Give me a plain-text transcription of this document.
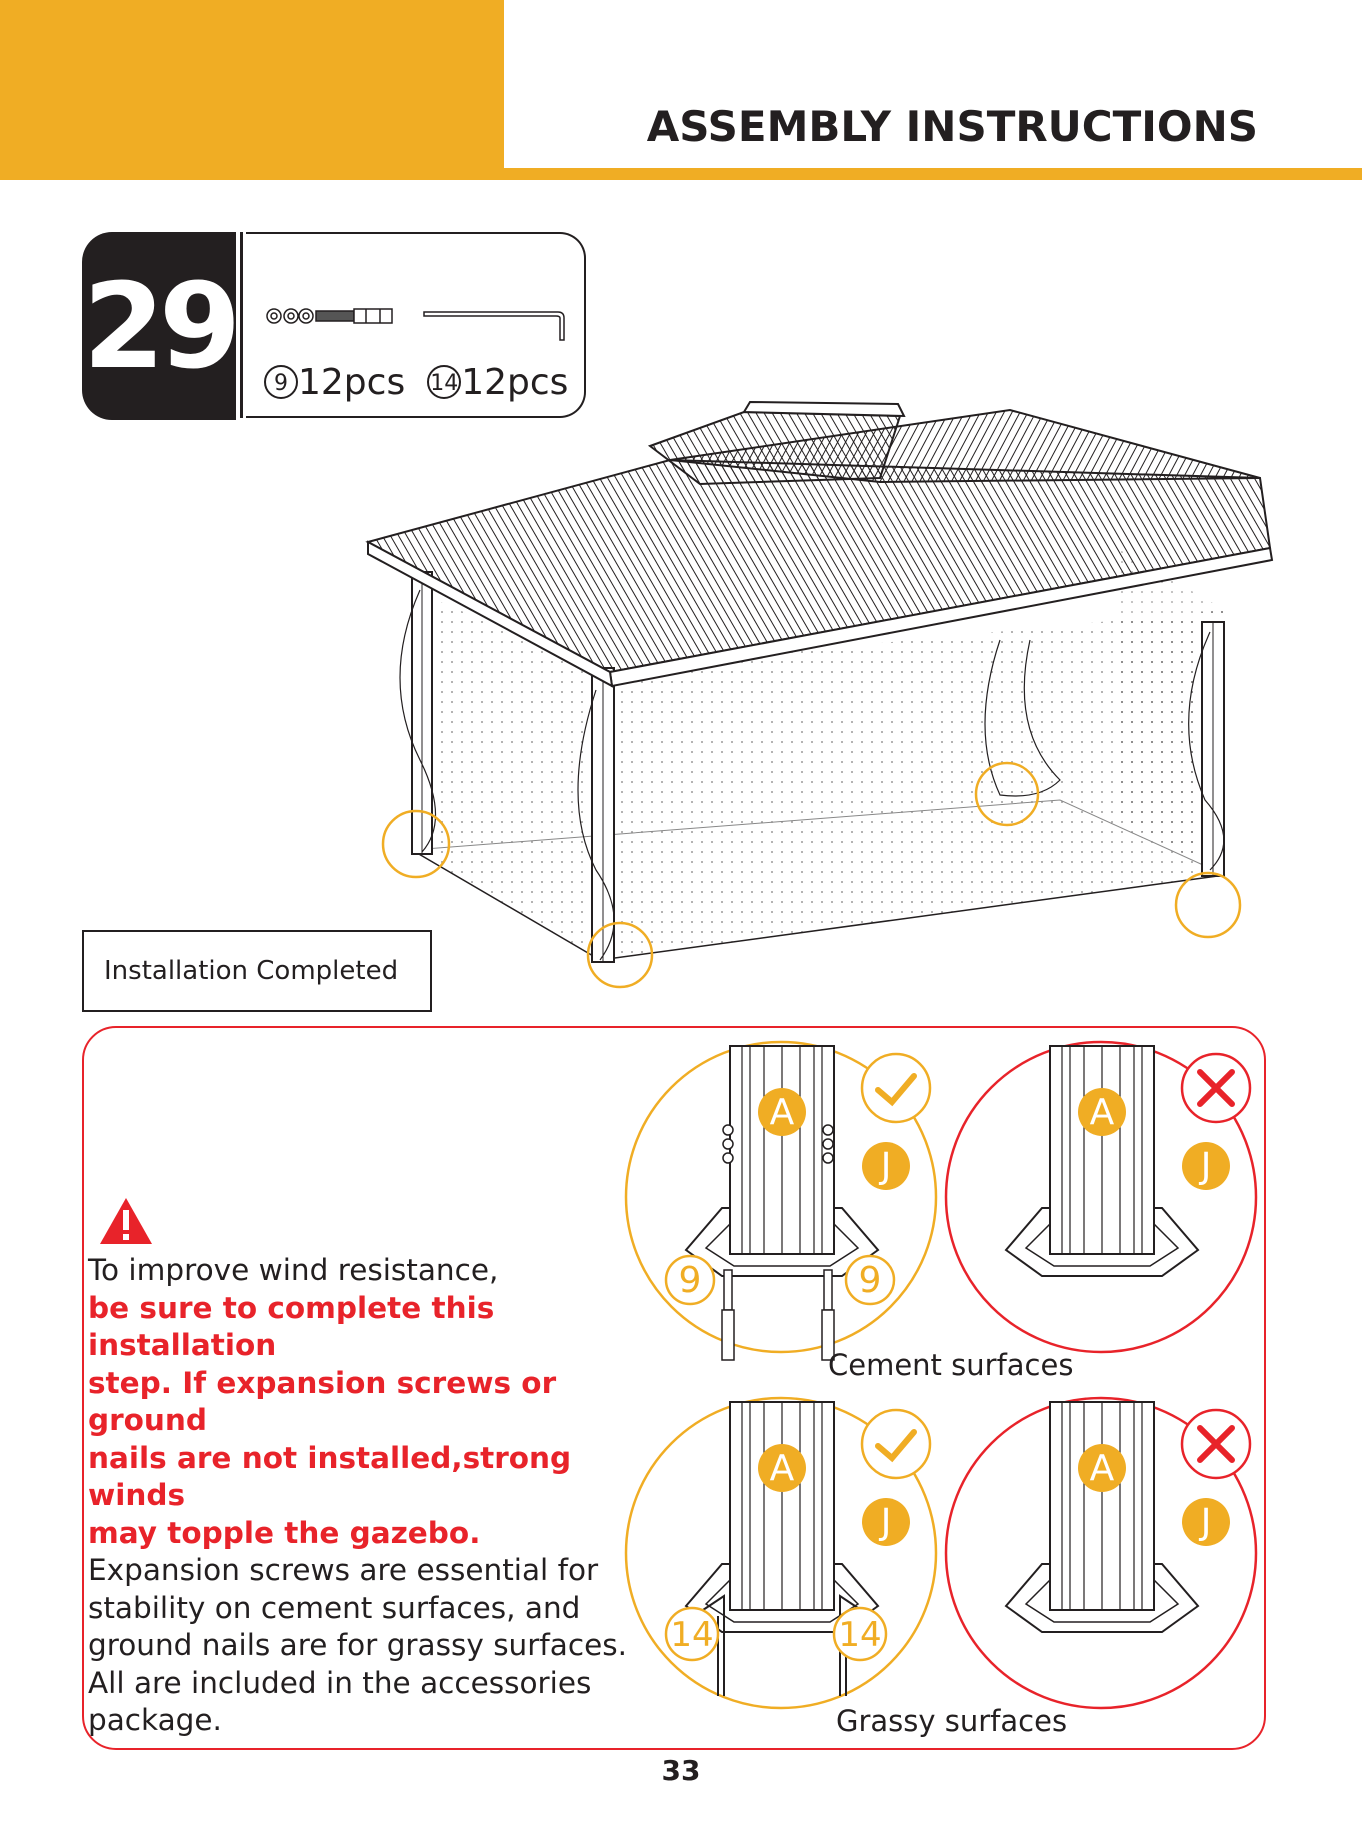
ASSEMBLY INSTRUCTIONS
29	9 12pcs 1412pcs
Installation Completed
To improve wind resistance,
be sure to complete this installation
step. If expansion screws or ground
nails are not installed,strong winds
may topple the gazebo.
Expansion screws are essential for
stability on cement surfaces, and
ground nails are for grassy surfaces.
All are included in the accessories
package.
A
J
9	9
A
J
Cement surfaces
A
J
14	14
A
J
Grassy surfaces
33
